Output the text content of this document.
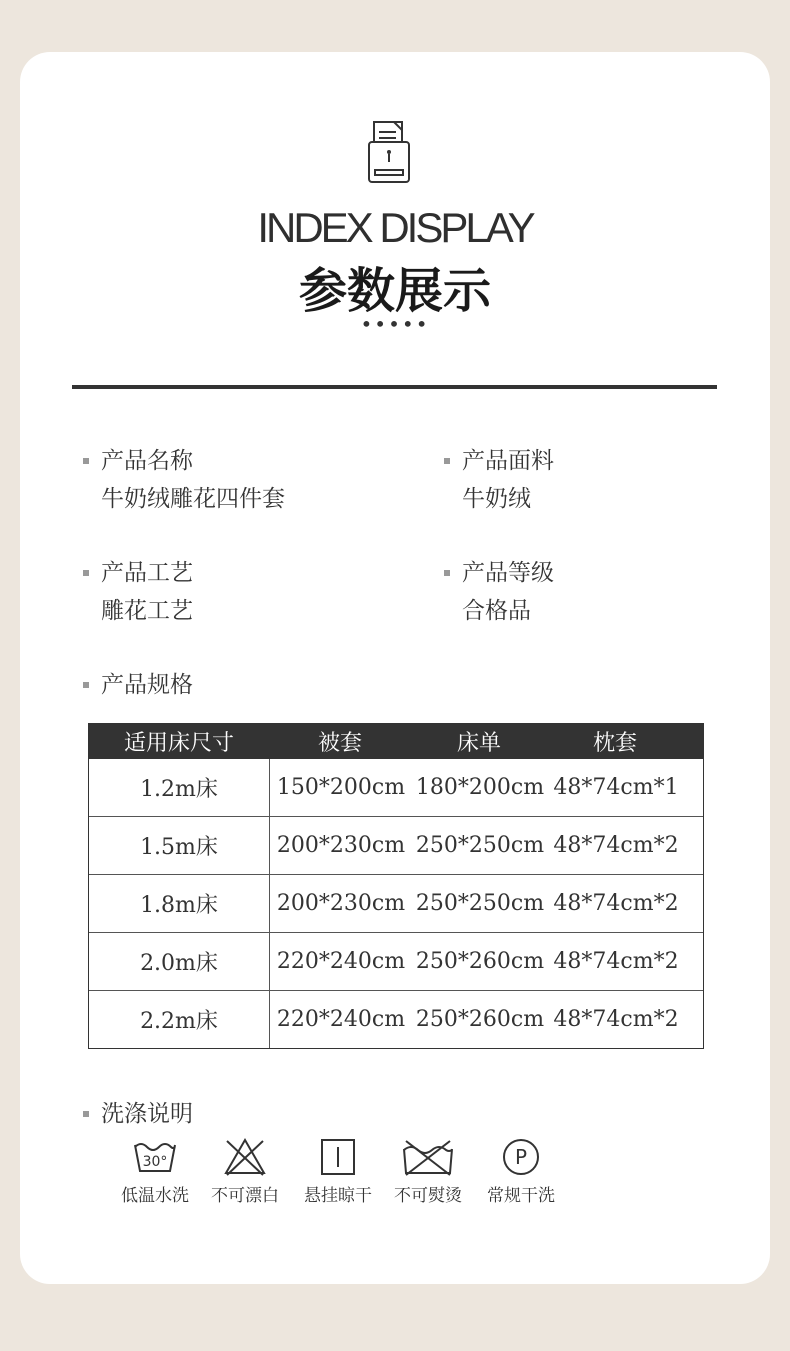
INDEX DISPLAY
参数展示
•••••
产品名称
牛奶绒雕花四件套
产品面料
牛奶绒
产品工艺
雕花工艺
产品等级
合格品
产品规格
适用床尺寸	被套	床单	枕套
1.2m床	150*200cm 180*200cm 48*74cm*1
1.5m床	200*230cm 250*250cm 48*74cm*2
1.8m床	200*230cm 250*250cm 48*74cm*2
2.0m床	220*240cm 250*260cm 48*74cm*2
2.2m床	220*240cm 250*260cm 48*74cm*2
洗涤说明
30°
低温水洗	不可漂白	悬挂晾干	不可熨烫
P
常规干洗
